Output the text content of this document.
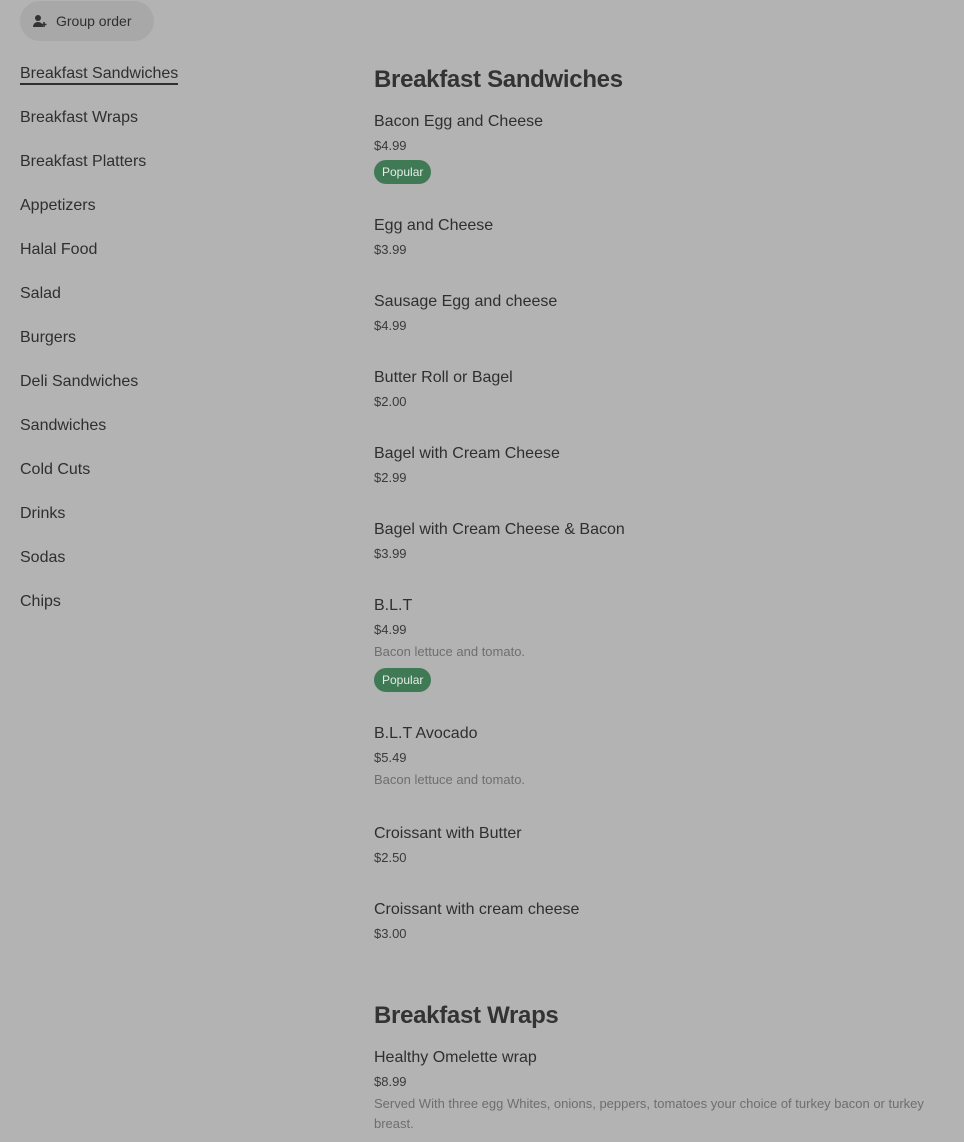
Group order
Breakfast Sandwiches
Breakfast Wraps
Breakfast Platters
Appetizers
Halal Food
Salad
Burgers
Deli Sandwiches
Sandwiches
Cold Cuts
Drinks
Sodas
Chips
Breakfast Sandwiches
Bacon Egg and Cheese
$4.99
Popular
Egg and Cheese
$3.99
Sausage Egg and cheese
$4.99
Butter Roll or Bagel
$2.00
Bagel with Cream Cheese
$2.99
Bagel with Cream Cheese & Bacon
$3.99
B.L.T
$4.99
Bacon lettuce and tomato.
Popular
B.L.T Avocado
$5.49
Bacon lettuce and tomato.
Croissant with Butter
$2.50
Croissant with cream cheese
$3.00
Breakfast Wraps
Healthy Omelette wrap
$8.99
Served With three egg Whites, onions, peppers, tomatoes your choice of turkey bacon or turkey breast.
